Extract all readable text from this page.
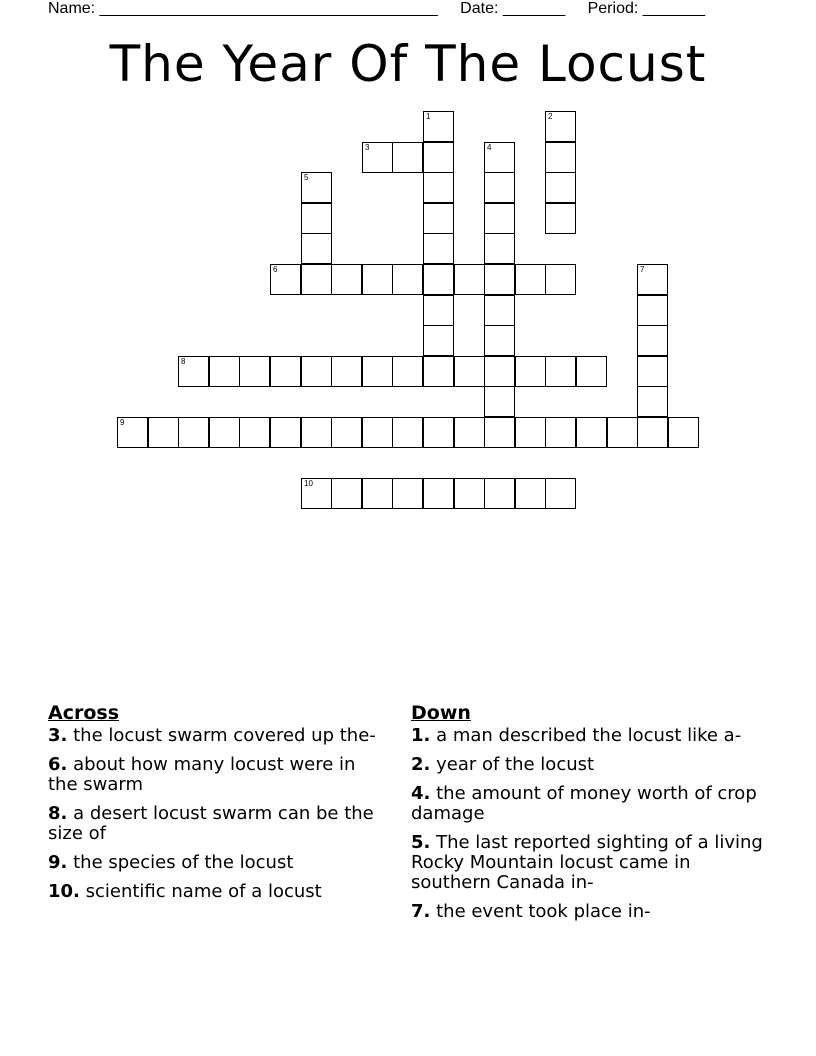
Name: ______________________________________ Date: _______ Period: _______
The Year Of The Locust
1	2
3	4
5
6	7
8
9
10
Across
3. the locust swarm covered up the-
6. about how many locust were in the swarm
8. a desert locust swarm can be the size of
9. the species of the locust
10. scientific name of a locust
Down
1. a man described the locust like a-
2. year of the locust
4. the amount of money worth of crop damage
5. The last reported sighting of a living Rocky Mountain locust came in southern Canada in-
7. the event took place in-
